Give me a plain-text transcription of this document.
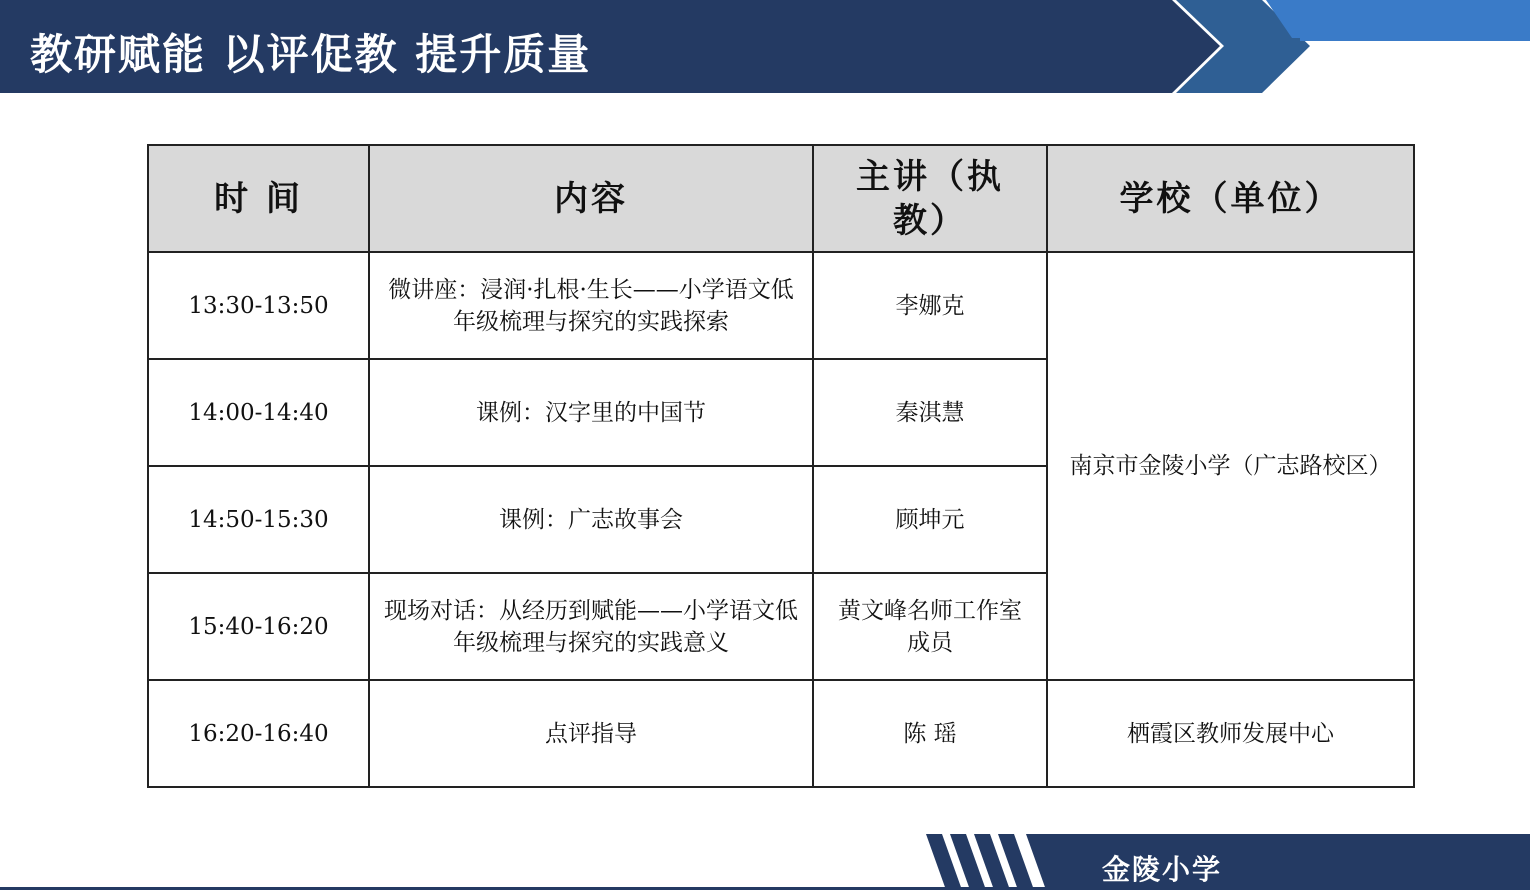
教研赋能 以评促教 提升质量
时 间	内容	主讲（执教）	学校（单位）
13:30-13:50	微讲座：浸润·扎根·生长——小学语文低年级梳理与探究的实践探索	李娜克	南京市金陵小学（广志路校区）
14:00-14:40	课例：汉字里的中国节	秦淇慧	
14:50-15:30	课例：广志故事会	顾坤元	
15:40-16:20	现场对话：从经历到赋能——小学语文低年级梳理与探究的实践意义	黄文峰名师工作室成员	
16:20-16:40	点评指导	陈 瑶	栖霞区教师发展中心
金陵小学
